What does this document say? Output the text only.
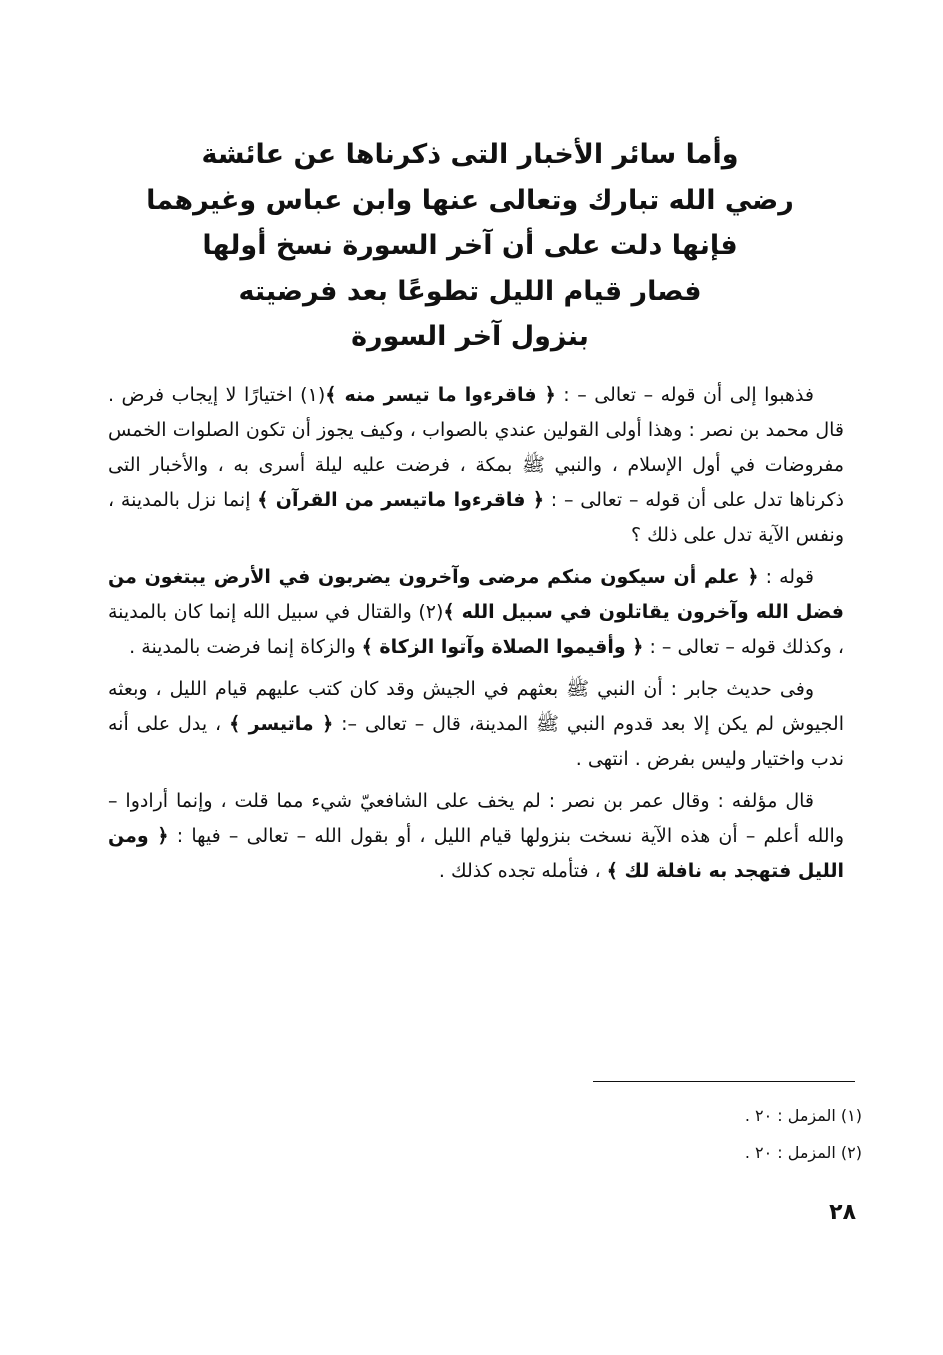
وأما سائر الأخبار التى ذكرناها عن عائشة
رضي الله تبارك وتعالى عنها وابن عباس وغيرهما
فإنها دلت على أن آخر السورة نسخ أولها
فصار قيام الليل تطوعًا بعد فرضيته
بنزول آخر السورة

فذهبوا إلى أن قوله – تعالى – : ﴿ فاقرءوا ما تيسر منه ﴾(١) اختيارًا لا إيجاب فرض . قال محمد بن نصر : وهذا أولى القولين عندي بالصواب ، وكيف يجوز أن تكون الصلوات الخمس مفروضات في أول الإسلام ، والنبي ﷺ بمكة ، فرضت عليه ليلة أسرى به ، والأخبار التى ذكرناها تدل على أن قوله – تعالى – : ﴿ فاقرءوا ماتيسر من القرآن ﴾ إنما نزل بالمدينة ، ونفس الآية تدل على ذلك ؟

قوله : ﴿ علم أن سيكون منكم مرضى وآخرون يضربون في الأرض يبتغون من فضل الله وآخرون يقاتلون في سبيل الله ﴾(٢) والقتال في سبيل الله إنما كان بالمدينة ، وكذلك قوله – تعالى – : ﴿ وأقيموا الصلاة وآتوا الزكاة ﴾ والزكاة إنما فرضت بالمدينة .

وفى حديث جابر : أن النبي ﷺ بعثهم في الجيش وقد كان كتب عليهم قيام الليل ، وبعثه الجيوش لم يكن إلا بعد قدوم النبي ﷺ المدينة، قال – تعالى –: ﴿ ماتيسر ﴾ ، يدل على أنه ندب واختيار وليس بفرض . انتهى .

قال مؤلفه : وقال عمر بن نصر : لم يخف على الشافعيّ شيء مما قلت ، وإنما أرادوا – والله أعلم – أن هذه الآية نسخت بنزولها قيام الليل ، أو بقول الله – تعالى – فيها : ﴿ ومن الليل فتهجد به نافلة لك ﴾ ، فتأمله تجده كذلك .

(١) المزمل : ٢٠ .
(٢) المزمل : ٢٠ .
٢٨
